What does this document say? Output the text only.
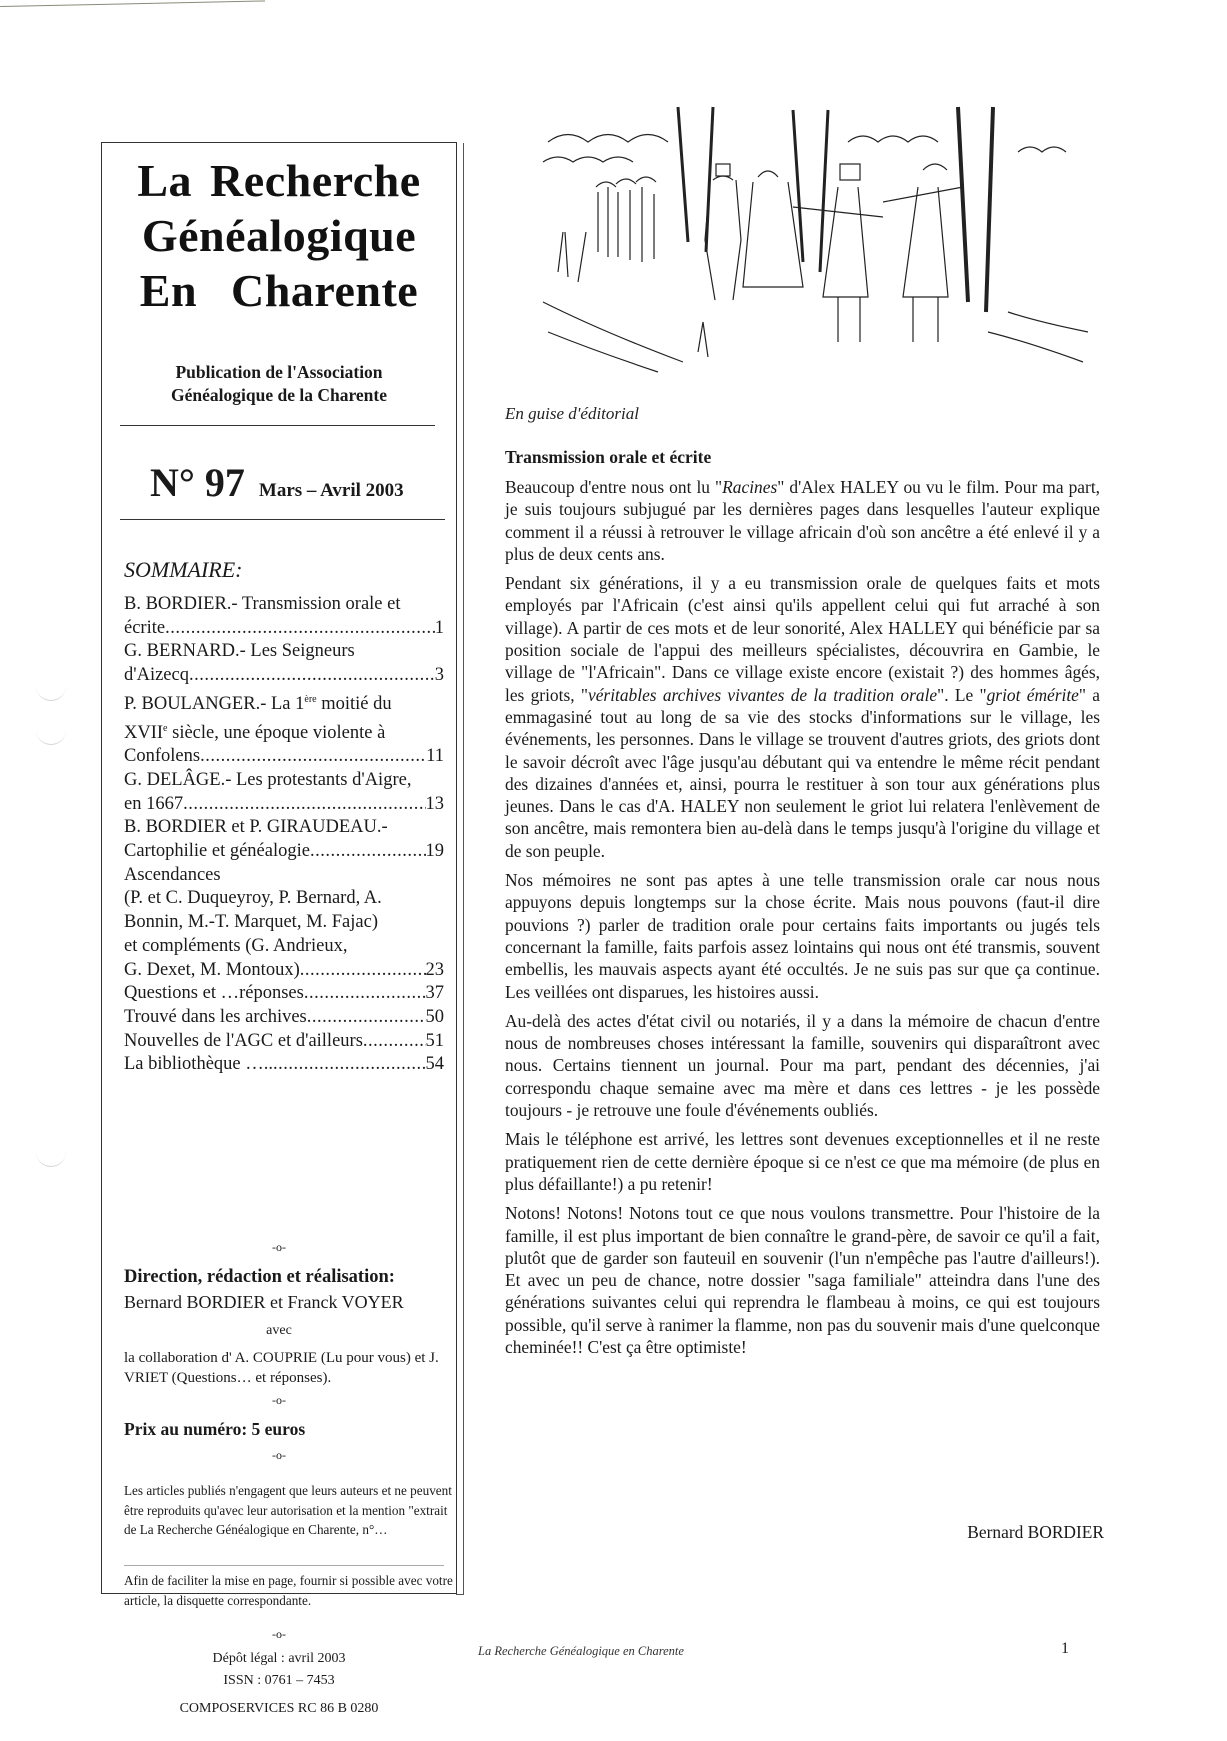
La Recherche
Généalogique
En Charente
Publication de l'Association
Généalogique de la Charente
N° 97 Mars – Avril 2003
SOMMAIRE:
B. BORDIER.- Transmission orale et
écrite .....	1
G. BERNARD.- Les Seigneurs
d'Aizecq .....	3
P. BOULANGER.- La 1ère moitié du
XVIIe siècle, une époque violente à
Confolens .....	11
G. DELÂGE.- Les protestants d'Aigre,
en 1667 .....	13
B. BORDIER et P. GIRAUDEAU.-
Cartophilie et généalogie .....	19
Ascendances
(P. et C. Duqueyroy, P. Bernard, A.
Bonnin, M.-T. Marquet, M. Fajac)
et compléments (G. Andrieux,
G. Dexet, M. Montoux) .....	23
Questions et …réponses .....	37
Trouvé dans les archives .....	50
Nouvelles de l'AGC et d'ailleurs .....	51
La bibliothèque ….. .....	54
-o-
Direction, rédaction et réalisation:
Bernard BORDIER et Franck VOYER
avec
la collaboration d' A. COUPRIE (Lu pour vous) et J. VRIET (Questions… et réponses).
-o-
Prix au numéro: 5 euros
-o-
Les articles publiés n'engagent que leurs auteurs et ne peuvent être reproduits qu'avec leur autorisation et la mention "extrait de La Recherche Généalogique en Charente, n°…
Afin de faciliter la mise en page, fournir si possible avec votre article, la disquette correspondante.
-o-
Dépôt légal : avril 2003
ISSN : 0761 – 7453
COMPOSERVICES RC 86 B 0280
En guise d'éditorial
Transmission orale et écrite

Beaucoup d'entre nous ont lu "Racines" d'Alex HALEY ou vu le film. Pour ma part, je suis toujours subjugué par les dernières pages dans lesquelles l'auteur explique comment il a réussi à retrouver le village africain d'où son ancêtre a été enlevé il y a plus de deux cents ans.

Pendant six générations, il y a eu transmission orale de quelques faits et mots employés par l'Africain (c'est ainsi qu'ils appellent celui qui fut arraché à son village). A partir de ces mots et de leur sonorité, Alex HALLEY qui bénéficie par sa position sociale de l'appui des meilleurs spécialistes, découvrira en Gambie, le village de "l'Africain". Dans ce village existe encore (existait ?) des hommes âgés, les griots, "véritables archives vivantes de la tradition orale". Le "griot émérite" a emmagasiné tout au long de sa vie des stocks d'informations sur le village, les événements, les personnes. Dans le village se trouvent d'autres griots, des griots dont le savoir décroît avec l'âge jusqu'au débutant qui va entendre le même récit pendant des dizaines d'années et, ainsi, pourra le restituer à son tour aux générations plus jeunes. Dans le cas d'A. HALEY non seulement le griot lui relatera l'enlèvement de son ancêtre, mais remontera bien au-delà dans le temps jusqu'à l'origine du village et de son peuple.

Nos mémoires ne sont pas aptes à une telle transmission orale car nous nous appuyons depuis longtemps sur la chose écrite. Mais nous pouvons (faut-il dire pouvions ?) parler de tradition orale pour certains faits importants ou jugés tels concernant la famille, faits parfois assez lointains qui nous ont été transmis, souvent embellis, les mauvais aspects ayant été occultés. Je ne suis pas sur que ça continue. Les veillées ont disparues, les histoires aussi.

Au-delà des actes d'état civil ou notariés, il y a dans la mémoire de chacun d'entre nous de nombreuses choses intéressant la famille, souvenirs qui disparaîtront avec nous. Certains tiennent un journal. Pour ma part, pendant des décennies, j'ai correspondu chaque semaine avec ma mère et dans ces lettres - je les possède toujours - je retrouve une foule d'événements oubliés.

Mais le téléphone est arrivé, les lettres sont devenues exceptionnelles et il ne reste pratiquement rien de cette dernière époque si ce n'est ce que ma mémoire (de plus en plus défaillante!) a pu retenir!

Notons! Notons! Notons tout ce que nous voulons transmettre. Pour l'histoire de la famille, il est plus important de bien connaître le grand-père, de savoir ce qu'il a fait, plutôt que de garder son fauteuil en souvenir (l'un n'empêche pas l'autre d'ailleurs!). Et avec un peu de chance, notre dossier "saga familiale" atteindra dans l'une des générations suivantes celui qui reprendra le flambeau à moins, ce qui est toujours possible, qu'il serve à ranimer la flamme, non pas du souvenir mais d'une quelconque cheminée!! C'est ça être optimiste!

Bernard BORDIER
La Recherche Généalogique en Charente	1
